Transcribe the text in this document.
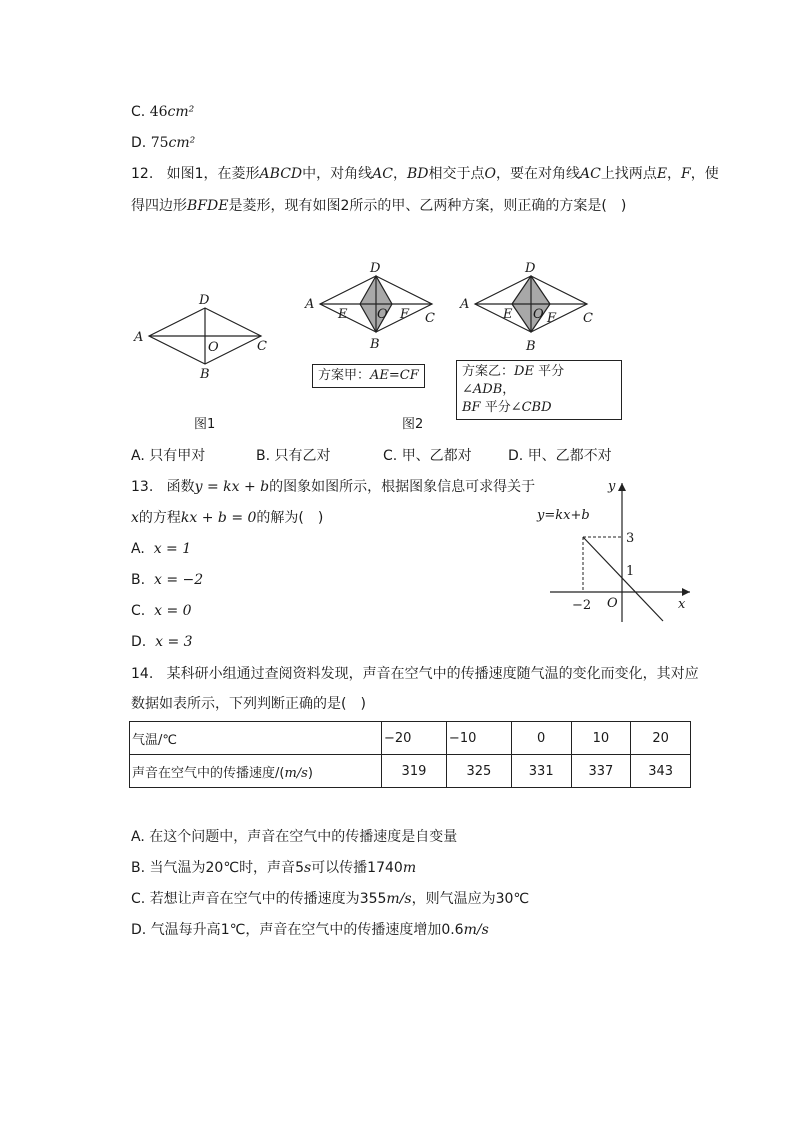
C. 46cm²
D. 75cm²
12. 如图1，在菱形ABCD中，对角线AC，BD相交于点O，要在对角线AC上找两点E，F，使
得四边形BFDE是菱形，现有如图2所示的甲、乙两种方案，则正确的方案是(　)
A
D
C
B
O
图1
A
D
C
B
E	F
O
方案甲：AE=CF
A
D
C
B
E	F
O
方案乙：DE 平分∠ADB，
BF 平分∠CBD
图2
A. 只有甲对	B. 只有乙对	C. 甲、乙都对	D. 甲、乙都不对
13. 函数y = kx + b的图象如图所示，根据图象信息可求得关于
x的方程kx + b = 0的解为(　)
A. x = 1
B. x = −2
C. x = 0
D. x = 3
y=kx+b
y
x
O
3
1
−2
14. 某科研小组通过查阅资料发现，声音在空气中的传播速度随气温的变化而变化，其对应
数据如表所示，下列判断正确的是(　)
气温/℃	−20	−10	0	10	20
声音在空气中的传播速度/(m/s)	319	325	331	337	343
A. 在这个问题中，声音在空气中的传播速度是自变量
B. 当气温为20℃时，声音5s可以传播1740m
C. 若想让声音在空气中的传播速度为355m/s，则气温应为30℃
D. 气温每升高1℃，声音在空气中的传播速度增加0.6m/s
